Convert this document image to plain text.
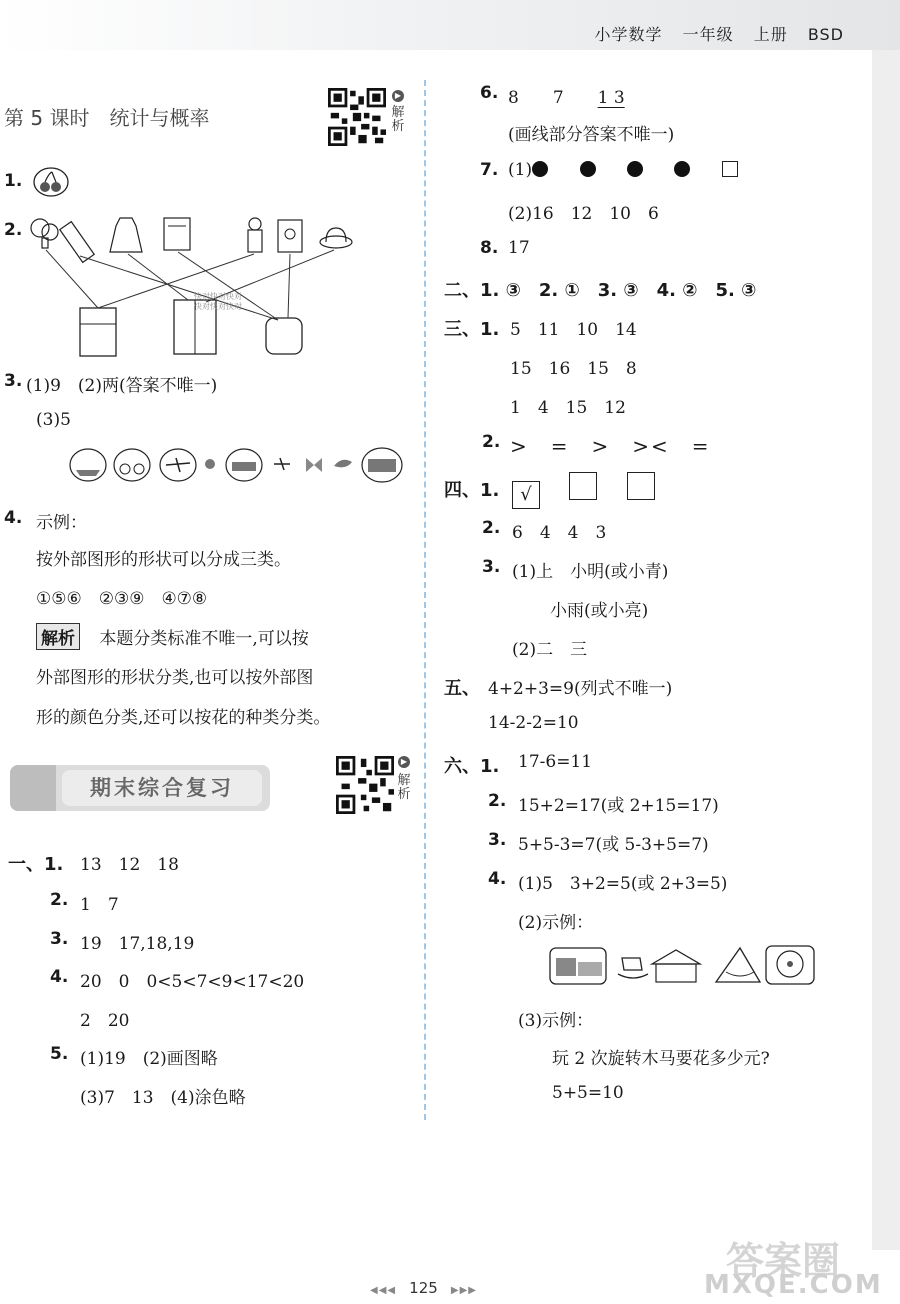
小学数学 一年级 上册 BSD
第 5 课时　统计与概率
▶
解
析
1.
2.
快对快对快对
快对快对快对
3. (1)9　(2)两(答案不唯一)
(3)5
4. 示例：
按外部图形的形状可以分成三类。
①⑤⑥　②③⑨　④⑦⑧
解析 本题分类标准不唯一,可以按
外部图形的形状分类,也可以按外部图
形的颜色分类,还可以按花的种类分类。
期末综合复习
▶
解
析
一、1. 13　12　18
2. 1　7
3. 19　17,18,19
4. 20　0　0<5<7<9<17<20
2　20
5. (1)19　(2)画图略
(3)7　13　(4)涂色略
6. 8　　7　　1 3
(画线部分答案不唯一)
7. (1)
(2)16　12　10　6
8. 17
二、1. ③　2. ①　3. ③　4. ②　5. ③
三、1. 5　11　10　14
15　16　15　8
1　4　15　12
2. >　=　>　><　=
四、1.	√
2. 6　4　4　3
3. (1)上　小明(或小青)
小雨(或小亮)
(2)二　三
五、 4+2+3=9(列式不唯一)
14-2-2=10
六、1. 17-6=11
2. 15+2=17(或 2+15=17)
3. 5+5-3=7(或 5-3+5=7)
4. (1)5　3+2=5(或 2+3=5)
(2)示例：
(3)示例：
玩 2 次旋转木马要花多少元?
5+5=10
答案圈
MXQE.COM
◀◀◀ 125 ▶▶▶
